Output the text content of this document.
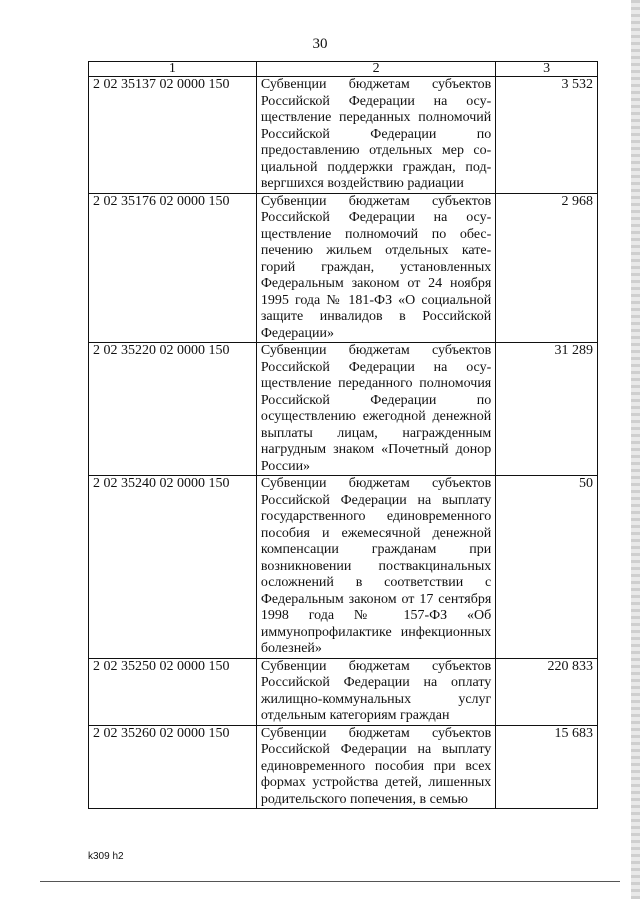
30
1	2	3
2 02 35137 02 0000 150	Субвенции бюджетам субъектов Российской Федерации на осуществление переданных полномочий Российской Федерации по предоставлению отдельных мер социальной поддержки граждан, подвергшихся воздействию радиации	3 532
2 02 35176 02 0000 150	Субвенции бюджетам субъектов Российской Федерации на осуществление полномочий по обеспечению жильем отдельных категорий граждан, установленных Федеральным законом от 24 ноября 1995 года № 181-ФЗ «О социальной защите инвалидов в Российской Федерации»	2 968
2 02 35220 02 0000 150	Субвенции бюджетам субъектов Российской Федерации на осуществление переданного полномочия Российской Федерации по осуществлению ежегодной денежной выплаты лицам, награжденным нагрудным знаком «Почетный донор России»	31 289
2 02 35240 02 0000 150	Субвенции бюджетам субъектов Российской Федерации на выплату государственного единовременного пособия и ежемесячной денежной компенсации гражданам при возникновении поствакцинальных осложнений в соответствии с Федеральным законом от 17 сентября 1998 года № 157-ФЗ «Об иммунопрофилактике инфекционных болезней»	50
2 02 35250 02 0000 150	Субвенции бюджетам субъектов Российской Федерации на оплату жилищно-коммунальных услуг отдельным категориям граждан	220 833
2 02 35260 02 0000 150	Субвенции бюджетам субъектов Российской Федерации на выплату единовременного пособия при всех формах устройства детей, лишенных родительского попечения, в семью	15 683
k309 h2
